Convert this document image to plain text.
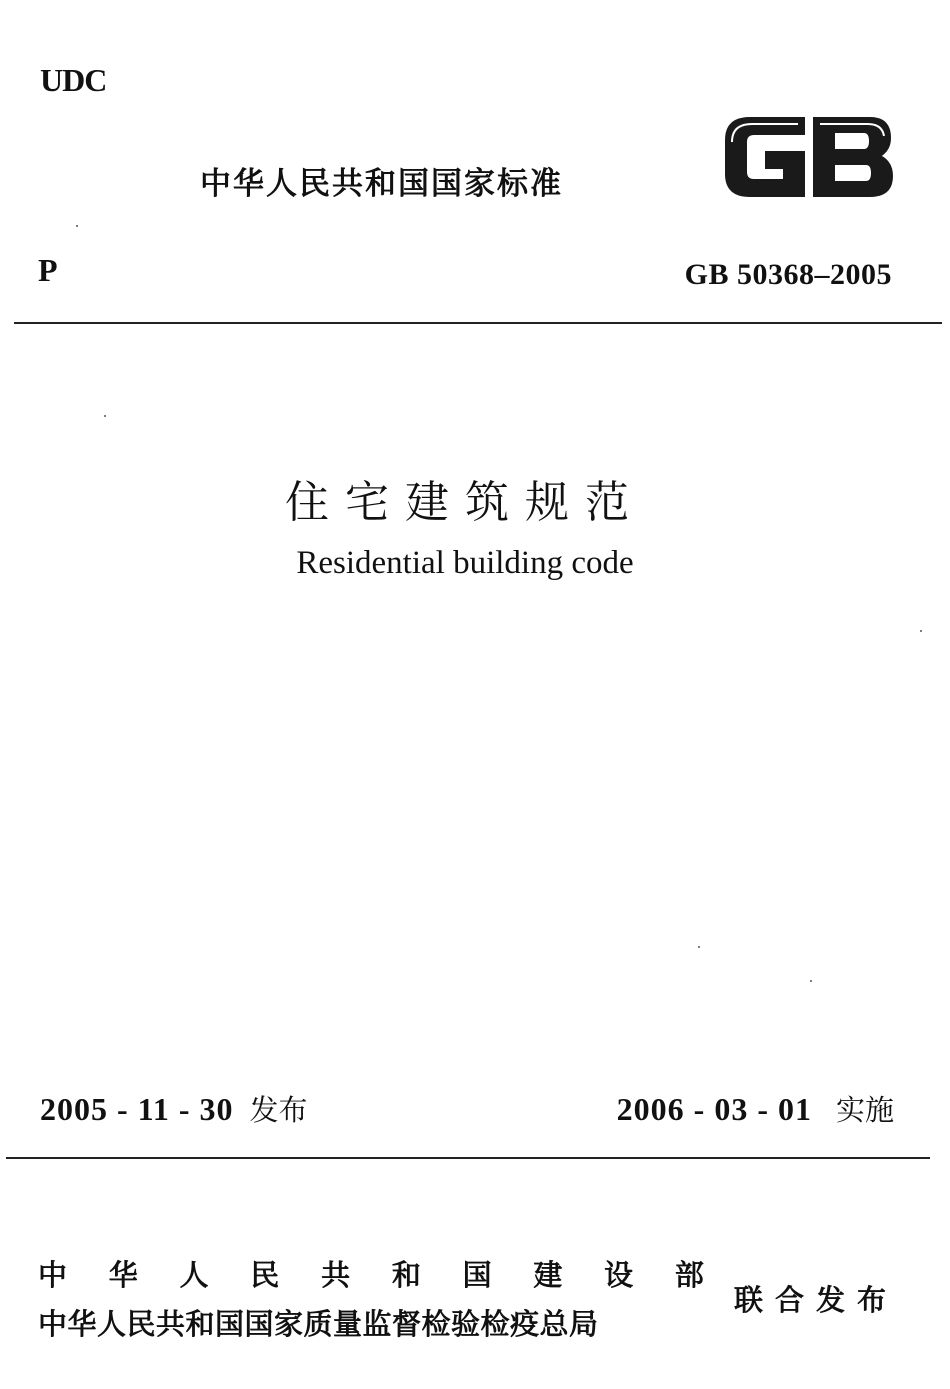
UDC
中华人民共和国国家标准
P	GB 50368–2005
住宅建筑规范
Residential building code
2005 - 11 - 30 发布	2006 - 03 - 01 实施
中 华 人 民 共 和 国 建 设 部
中华人民共和国国家质量监督检验检疫总局
联合发布
